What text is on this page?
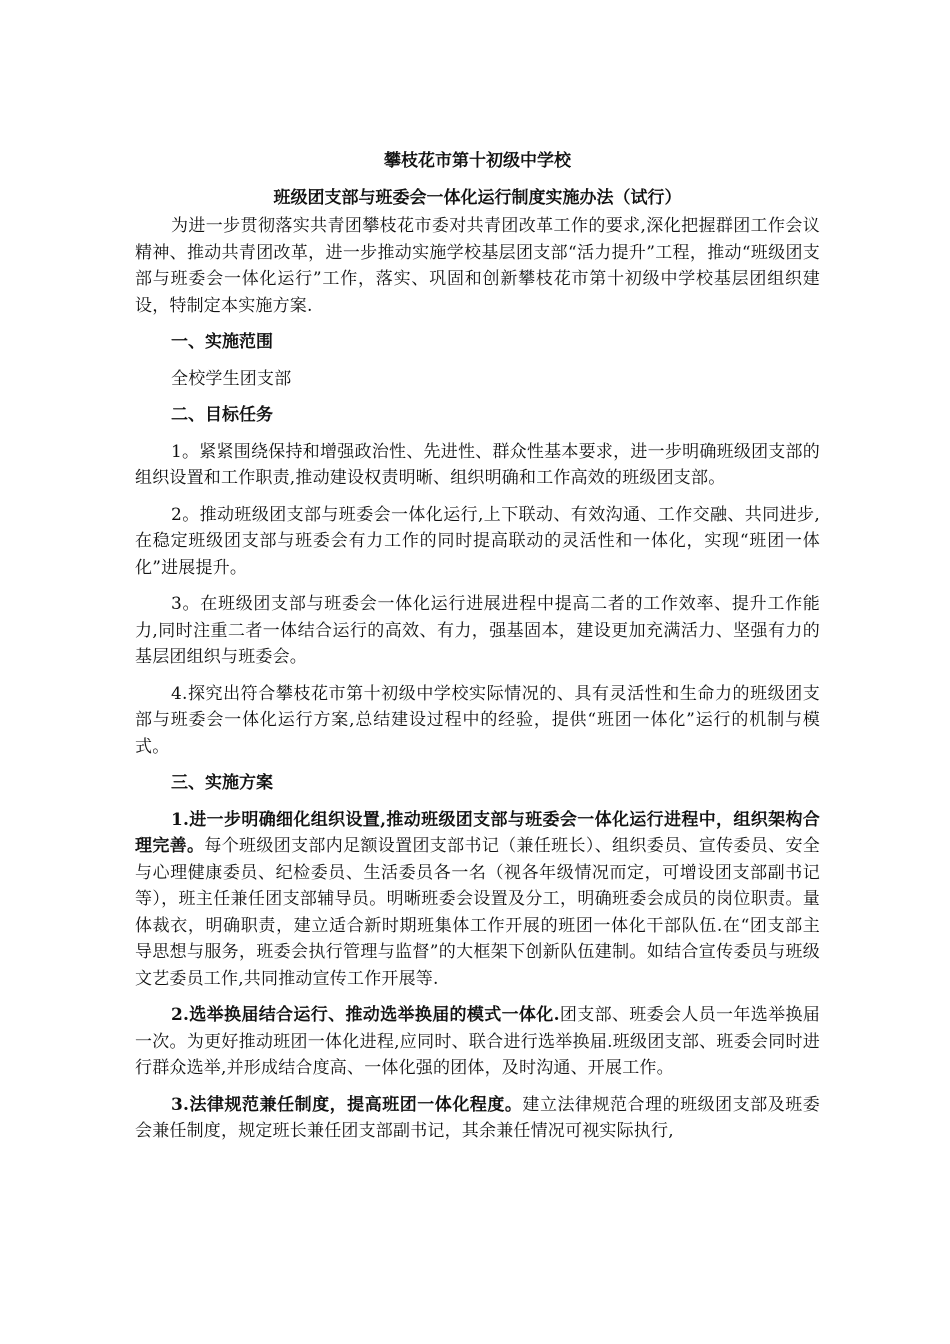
攀枝花市第十初级中学校
班级团支部与班委会一体化运行制度实施办法（试行）

为进一步贯彻落实共青团攀枝花市委对共青团改革工作的要求,深化把握群团工作会议精神、推动共青团改革，进一步推动实施学校基层团支部“活力提升”工程，推动“班级团支部与班委会一体化运行”工作，落实、巩固和创新攀枝花市第十初级中学校基层团组织建设，特制定本实施方案.

一、实施范围

全校学生团支部

二、目标任务

1。紧紧围绕保持和增强政治性、先进性、群众性基本要求，进一步明确班级团支部的组织设置和工作职责,推动建设权责明晰、组织明确和工作高效的班级团支部。

2。推动班级团支部与班委会一体化运行,上下联动、有效沟通、工作交融、共同进步,在稳定班级团支部与班委会有力工作的同时提高联动的灵活性和一体化，实现“班团一体化”进展提升。

3。在班级团支部与班委会一体化运行进展进程中提高二者的工作效率、提升工作能力,同时注重二者一体结合运行的高效、有力，强基固本，建设更加充满活力、坚强有力的基层团组织与班委会。

4.探究出符合攀枝花市第十初级中学校实际情况的、具有灵活性和生命力的班级团支部与班委会一体化运行方案,总结建设过程中的经验，提供“班团一体化”运行的机制与模式。

三、实施方案

1.进一步明确细化组织设置,推动班级团支部与班委会一体化运行进程中，组织架构合理完善。每个班级团支部内足额设置团支部书记（兼任班长）、组织委员、宣传委员、安全与心理健康委员、纪检委员、生活委员各一名（视各年级情况而定，可增设团支部副书记等），班主任兼任团支部辅导员。明晰班委会设置及分工，明确班委会成员的岗位职责。量体裁衣，明确职责，建立适合新时期班集体工作开展的班团一体化干部队伍.在“团支部主导思想与服务，班委会执行管理与监督”的大框架下创新队伍建制。如结合宣传委员与班级文艺委员工作,共同推动宣传工作开展等.

2.选举换届结合运行、推动选举换届的模式一体化.团支部、班委会人员一年选举换届一次。为更好推动班团一体化进程,应同时、联合进行选举换届.班级团支部、班委会同时进行群众选举,并形成结合度高、一体化强的团体，及时沟通、开展工作。

3.法律规范兼任制度，提高班团一体化程度。建立法律规范合理的班级团支部及班委会兼任制度，规定班长兼任团支部副书记，其余兼任情况可视实际执行,
